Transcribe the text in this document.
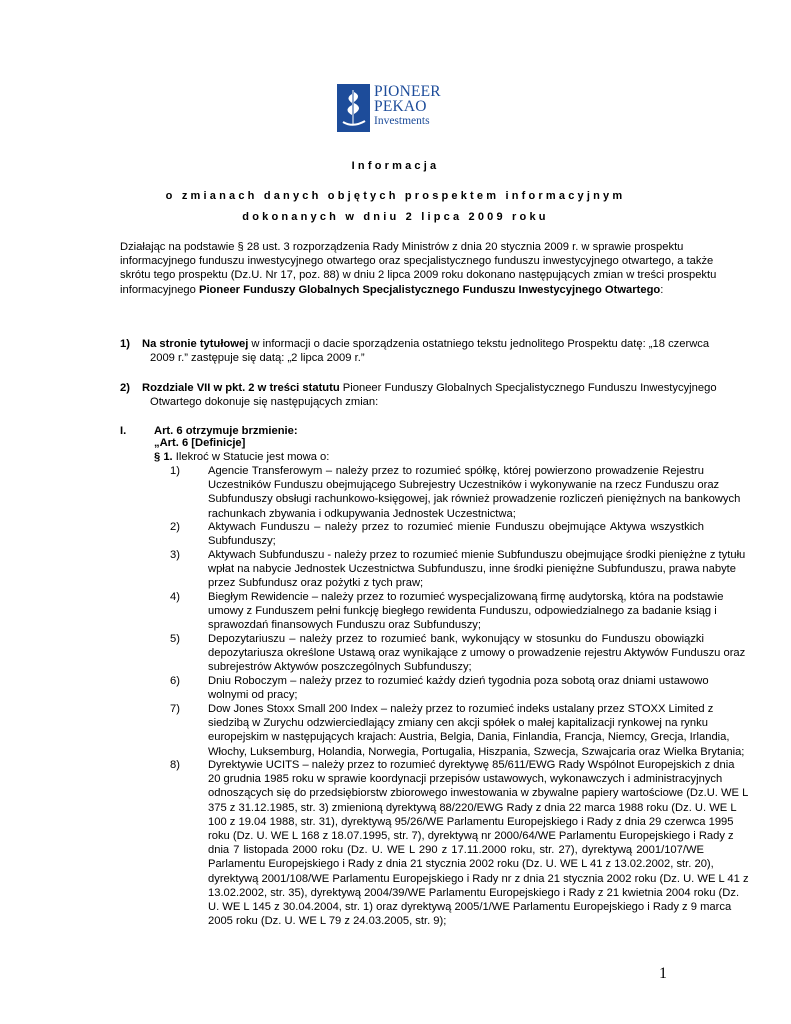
PIONEER
PEKAO
Investments
Informacja
o zmianach danych objętych prospektem informacyjnym
dokonanych w dniu 2 lipca 2009 roku
Działając na podstawie § 28 ust. 3 rozporządzenia Rady Ministrów z dnia 20 stycznia 2009 r. w sprawie prospektu
informacyjnego funduszu inwestycyjnego otwartego oraz specjalistycznego funduszu inwestycyjnego otwartego, a także
skrótu tego prospektu (Dz.U. Nr 17, poz. 88) w dniu 2 lipca 2009 roku dokonano następujących zmian w treści prospektu
informacyjnego Pioneer Funduszy Globalnych Specjalistycznego Funduszu Inwestycyjnego Otwartego:
1) Na stronie tytułowej w informacji o dacie sporządzenia ostatniego tekstu jednolitego Prospektu datę: „18 czerwca
2009 r.” zastępuje się datą: „2 lipca 2009 r.”
2) Rozdziale VII w pkt. 2 w treści statutu Pioneer Funduszy Globalnych Specjalistycznego Funduszu Inwestycyjnego
Otwartego dokonuje się następujących zmian:
I. Art. 6 otrzymuje brzmienie:
„Art. 6 [Definicje]
§ 1. Ilekroć w Statucie jest mowa o:
1)	Agencie Transferowym – należy przez to rozumieć spółkę, której powierzono prowadzenie Rejestru
Uczestników Funduszu obejmującego Subrejestry Uczestników i wykonywanie na rzecz Funduszu oraz
Subfunduszy obsługi rachunkowo-księgowej, jak również prowadzenie rozliczeń pieniężnych na bankowych
rachunkach zbywania i odkupywania Jednostek Uczestnictwa;
2)	Aktywach Funduszu – należy przez to rozumieć mienie Funduszu obejmujące Aktywa wszystkich
Subfunduszy;
3)	Aktywach Subfunduszu - należy przez to rozumieć mienie Subfunduszu obejmujące środki pieniężne z tytułu
wpłat na nabycie Jednostek Uczestnictwa Subfunduszu, inne środki pieniężne Subfunduszu, prawa nabyte
przez Subfundusz oraz pożytki z tych praw;
4)	Biegłym Rewidencie – należy przez to rozumieć wyspecjalizowaną firmę audytorską, która na podstawie
umowy z Funduszem pełni funkcję biegłego rewidenta Funduszu, odpowiedzialnego za badanie ksiąg i
sprawozdań finansowych Funduszu oraz Subfunduszy;
5)	Depozytariuszu – należy przez to rozumieć bank, wykonujący w stosunku do Funduszu obowiązki
depozytariusza określone Ustawą oraz wynikające z umowy o prowadzenie rejestru Aktywów Funduszu oraz
subrejestrów Aktywów poszczególnych Subfunduszy;
6)	Dniu Roboczym – należy przez to rozumieć każdy dzień tygodnia poza sobotą oraz dniami ustawowo
wolnymi od pracy;
7)	Dow Jones Stoxx Small 200 Index – należy przez to rozumieć indeks ustalany przez STOXX Limited z
siedzibą w Zurychu odzwierciedlający zmiany cen akcji spółek o małej kapitalizacji rynkowej na rynku
europejskim w następujących krajach: Austria, Belgia, Dania, Finlandia, Francja, Niemcy, Grecja, Irlandia,
Włochy, Luksemburg, Holandia, Norwegia, Portugalia, Hiszpania, Szwecja, Szwajcaria oraz Wielka Brytania;
8)	Dyrektywie UCITS – należy przez to rozumieć dyrektywę 85/611/EWG Rady Wspólnot Europejskich z dnia
20 grudnia 1985 roku w sprawie koordynacji przepisów ustawowych, wykonawczych i administracyjnych
odnoszących się do przedsiębiorstw zbiorowego inwestowania w zbywalne papiery wartościowe (Dz.U. WE L
375 z 31.12.1985, str. 3) zmienioną dyrektywą 88/220/EWG Rady z dnia 22 marca 1988 roku (Dz. U. WE L
100 z 19.04 1988, str. 31), dyrektywą 95/26/WE Parlamentu Europejskiego i Rady z dnia 29 czerwca 1995
roku (Dz. U. WE L 168 z 18.07.1995, str. 7), dyrektywą nr 2000/64/WE Parlamentu Europejskiego i Rady z
dnia 7 listopada 2000 roku (Dz. U. WE L 290 z 17.11.2000 roku, str. 27), dyrektywą 2001/107/WE
Parlamentu Europejskiego i Rady z dnia 21 stycznia 2002 roku (Dz. U. WE L 41 z 13.02.2002, str. 20),
dyrektywą 2001/108/WE Parlamentu Europejskiego i Rady nr z dnia 21 stycznia 2002 roku (Dz. U. WE L 41 z
13.02.2002, str. 35), dyrektywą 2004/39/WE Parlamentu Europejskiego i Rady z 21 kwietnia 2004 roku (Dz.
U. WE L 145 z 30.04.2004, str. 1) oraz dyrektywą 2005/1/WE Parlamentu Europejskiego i Rady z 9 marca
2005 roku (Dz. U. WE L 79 z 24.03.2005, str. 9);
1
